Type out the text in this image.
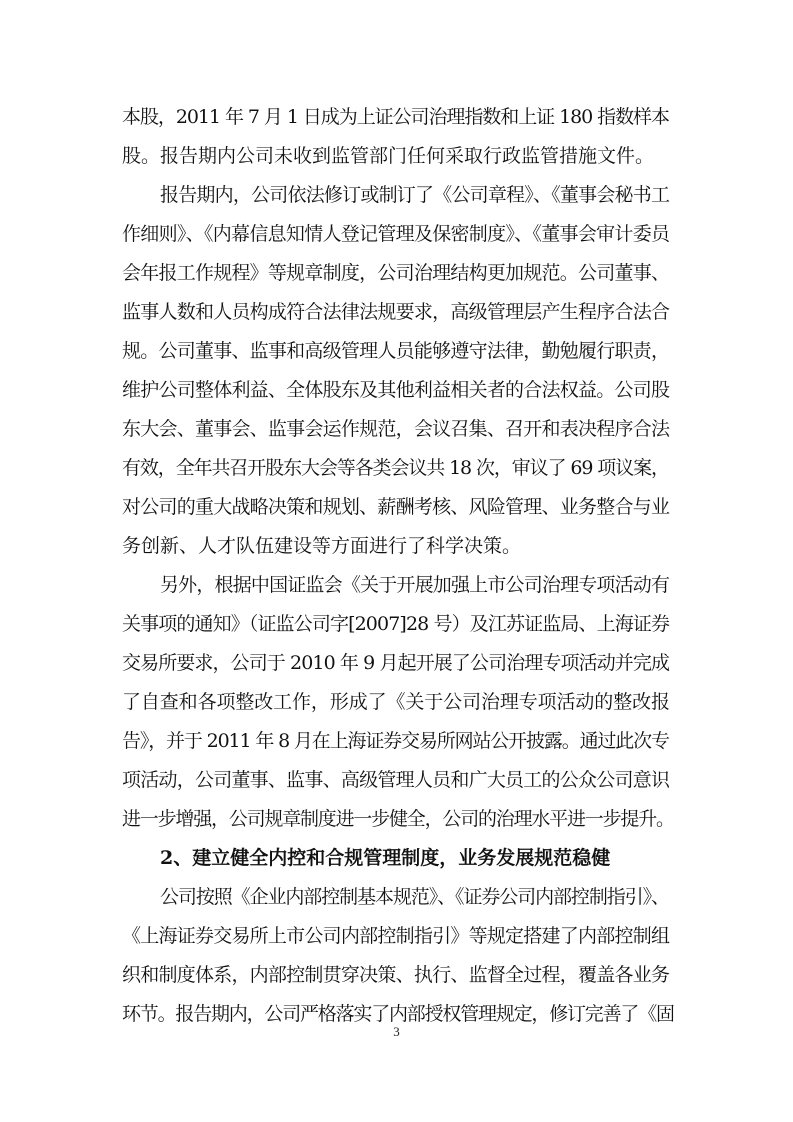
本股，2011 年 7 月 1 日成为上证公司治理指数和上证 180 指数样本
股。报告期内公司未收到监管部门任何采取行政监管措施文件。
报告期内，公司依法修订或制订了《公司章程》、《董事会秘书工
作细则》、《内幕信息知情人登记管理及保密制度》、《董事会审计委员
会年报工作规程》等规章制度，公司治理结构更加规范。公司董事、
监事人数和人员构成符合法律法规要求，高级管理层产生程序合法合
规。公司董事、监事和高级管理人员能够遵守法律，勤勉履行职责，
维护公司整体利益、全体股东及其他利益相关者的合法权益。公司股
东大会、董事会、监事会运作规范，会议召集、召开和表决程序合法
有效，全年共召开股东大会等各类会议共 18 次，审议了 69 项议案，
对公司的重大战略决策和规划、薪酬考核、风险管理、业务整合与业
务创新、人才队伍建设等方面进行了科学决策。
另外，根据中国证监会《关于开展加强上市公司治理专项活动有
关事项的通知》（证监公司字[2007]28 号）及江苏证监局、上海证券
交易所要求，公司于 2010 年 9 月起开展了公司治理专项活动并完成
了自查和各项整改工作，形成了《关于公司治理专项活动的整改报
告》，并于 2011 年 8 月在上海证券交易所网站公开披露。通过此次专
项活动，公司董事、监事、高级管理人员和广大员工的公众公司意识
进一步增强，公司规章制度进一步健全，公司的治理水平进一步提升。
2、建立健全内控和合规管理制度，业务发展规范稳健
公司按照《企业内部控制基本规范》、《证券公司内部控制指引》、
《上海证券交易所上市公司内部控制指引》等规定搭建了内部控制组
织和制度体系，内部控制贯穿决策、执行、监督全过程，覆盖各业务
环节。报告期内，公司严格落实了内部授权管理规定，修订完善了《固
3
